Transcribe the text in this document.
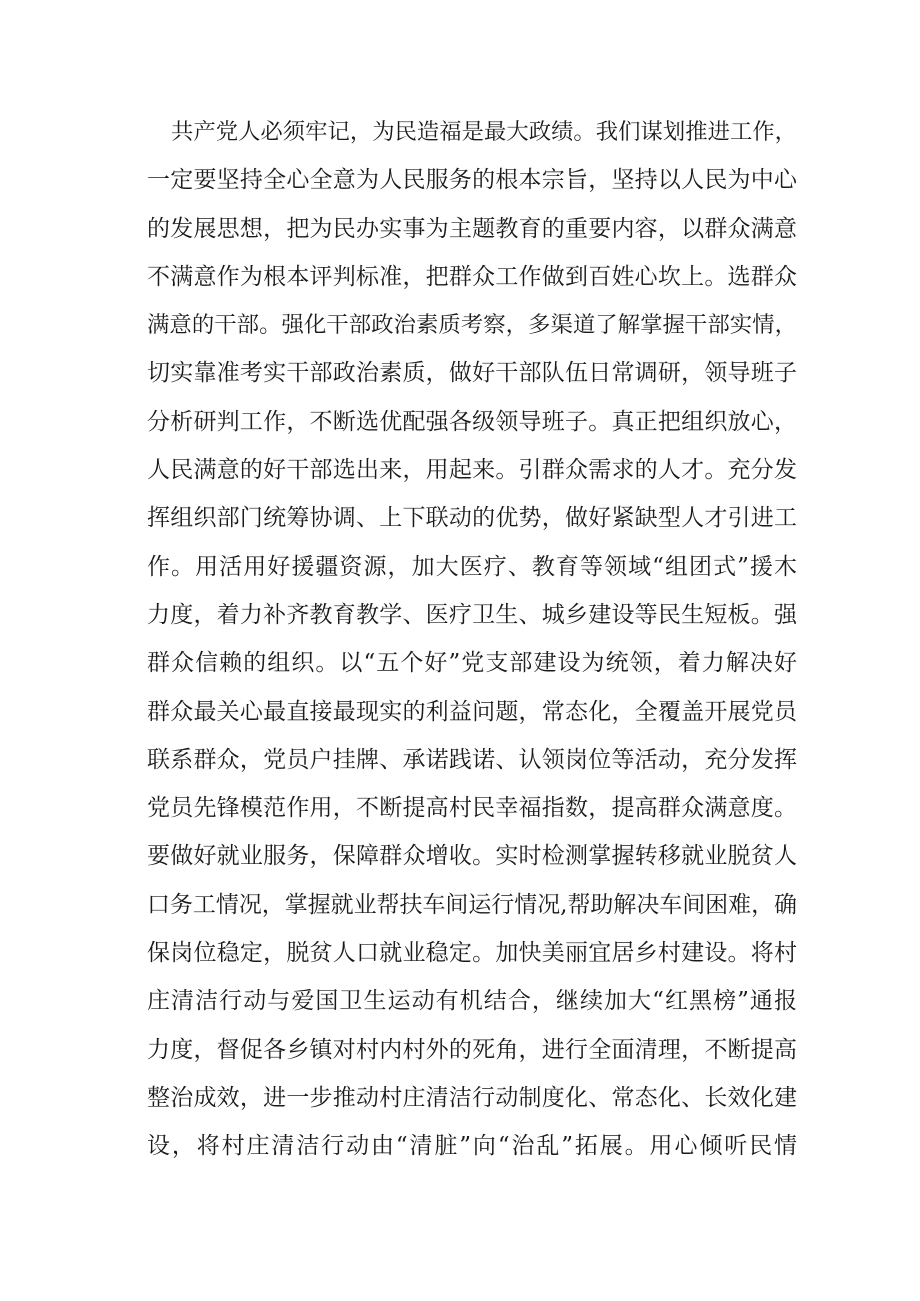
共产党人必须牢记，为民造福是最大政绩。我们谋划推进工作，
一定要坚持全心全意为人民服务的根本宗旨，坚持以人民为中心
的发展思想，把为民办实事为主题教育的重要内容，以群众满意
不满意作为根本评判标准，把群众工作做到百姓心坎上。选群众
满意的干部。强化干部政治素质考察，多渠道了解掌握干部实情，
切实靠准考实干部政治素质，做好干部队伍日常调研，领导班子
分析研判工作，不断选优配强各级领导班子。真正把组织放心，
人民满意的好干部选出来，用起来。引群众需求的人才。充分发
挥组织部门统筹协调、上下联动的优势，做好紧缺型人才引进工
作。用活用好援疆资源，加大医疗、教育等领域“组团式”援木
力度，着力补齐教育教学、医疗卫生、城乡建设等民生短板。强
群众信赖的组织。以“五个好”党支部建设为统领，着力解决好
群众最关心最直接最现实的利益问题，常态化，全覆盖开展党员
联系群众，党员户挂牌、承诺践诺、认领岗位等活动，充分发挥
党员先锋模范作用，不断提高村民幸福指数，提高群众满意度。
要做好就业服务，保障群众增收。实时检测掌握转移就业脱贫人
口务工情况，掌握就业帮扶车间运行情况,帮助解决车间困难，确
保岗位稳定，脱贫人口就业稳定。加快美丽宜居乡村建设。将村
庄清洁行动与爱国卫生运动有机结合，继续加大“红黑榜”通报
力度，督促各乡镇对村内村外的死角，进行全面清理，不断提高
整治成效，进一步推动村庄清洁行动制度化、常态化、长效化建
设，将村庄清洁行动由“清脏”向“治乱”拓展。用心倾听民情
